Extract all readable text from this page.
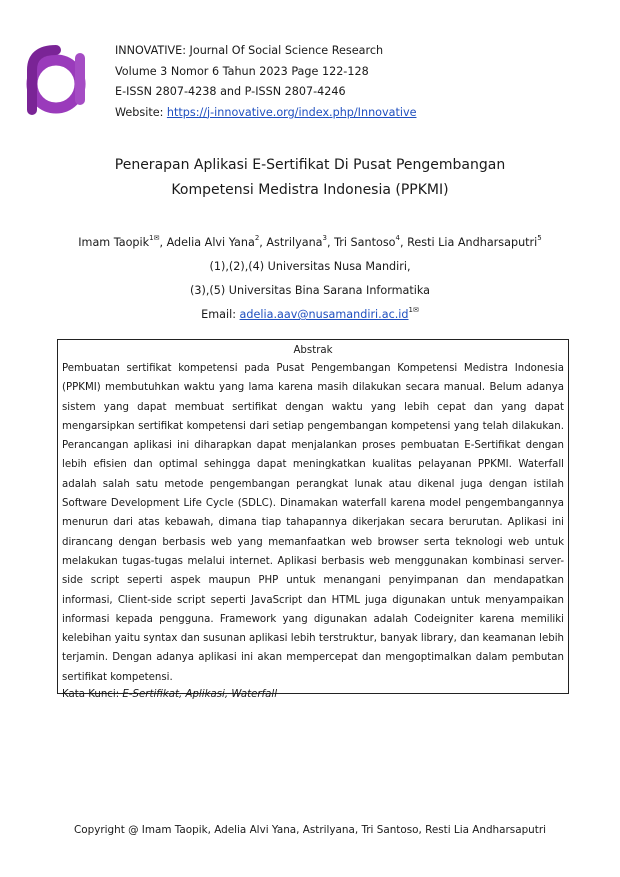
INNOVATIVE: Journal Of Social Science Research
Volume 3 Nomor 6 Tahun 2023 Page 122-128
E-ISSN 2807-4238 and P-ISSN 2807-4246
Website: https://j-innovative.org/index.php/Innovative
Penerapan Aplikasi E-Sertifikat Di Pusat Pengembangan
Kompetensi Medistra Indonesia (PPKMI)
Imam Taopik$^{1✉}$, Adelia Alvi Yana$^2$, Astrilyana$^3$, Tri Santoso$^4$, Resti Lia Andharsaputri$^5$
(1),(2),(4) Universitas Nusa Mandiri,
(3),(5) Universitas Bina Sarana Informatika
Email: $adelia.aav@nusamandiri.ac.id^{1✉}$
Abstrak

Pembuatan sertifikat kompetensi pada Pusat Pengembangan Kompetensi Medistra Indonesia (PPKMI) membutuhkan waktu yang lama karena masih dilakukan secara manual. Belum adanya sistem yang dapat membuat sertifikat dengan waktu yang lebih cepat dan yang dapat mengarsipkan sertifikat kompetensi dari setiap pengembangan kompetensi yang telah dilakukan. Perancangan aplikasi ini diharapkan dapat menjalankan proses pembuatan E-Sertifikat dengan lebih efisien dan optimal sehingga dapat meningkatkan kualitas pelayanan PPKMI. Waterfall adalah salah satu metode pengembangan perangkat lunak atau dikenal juga dengan istilah Software Development Life Cycle (SDLC). Dinamakan waterfall karena model pengembangannya menurun dari atas kebawah, dimana tiap tahapannya dikerjakan secara berurutan. Aplikasi ini dirancang dengan berbasis web yang memanfaatkan web browser serta teknologi web untuk melakukan tugas-tugas melalui internet. Aplikasi berbasis web menggunakan kombinasi server-side script seperti aspek maupun PHP untuk menangani penyimpanan dan mendapatkan informasi, Client-side script seperti JavaScript dan HTML juga digunakan untuk menyampaikan informasi kepada pengguna. Framework yang digunakan adalah Codeigniter karena memiliki kelebihan yaitu syntax dan susunan aplikasi lebih terstruktur, banyak library, dan keamanan lebih terjamin. Dengan adanya aplikasi ini akan mempercepat dan mengoptimalkan dalam pembutan sertifikat kompetensi.

Kata Kunci: E-Sertifikat, Aplikasi, Waterfall
Copyright @ Imam Taopik, Adelia Alvi Yana, Astrilyana, Tri Santoso, Resti Lia Andharsaputri
